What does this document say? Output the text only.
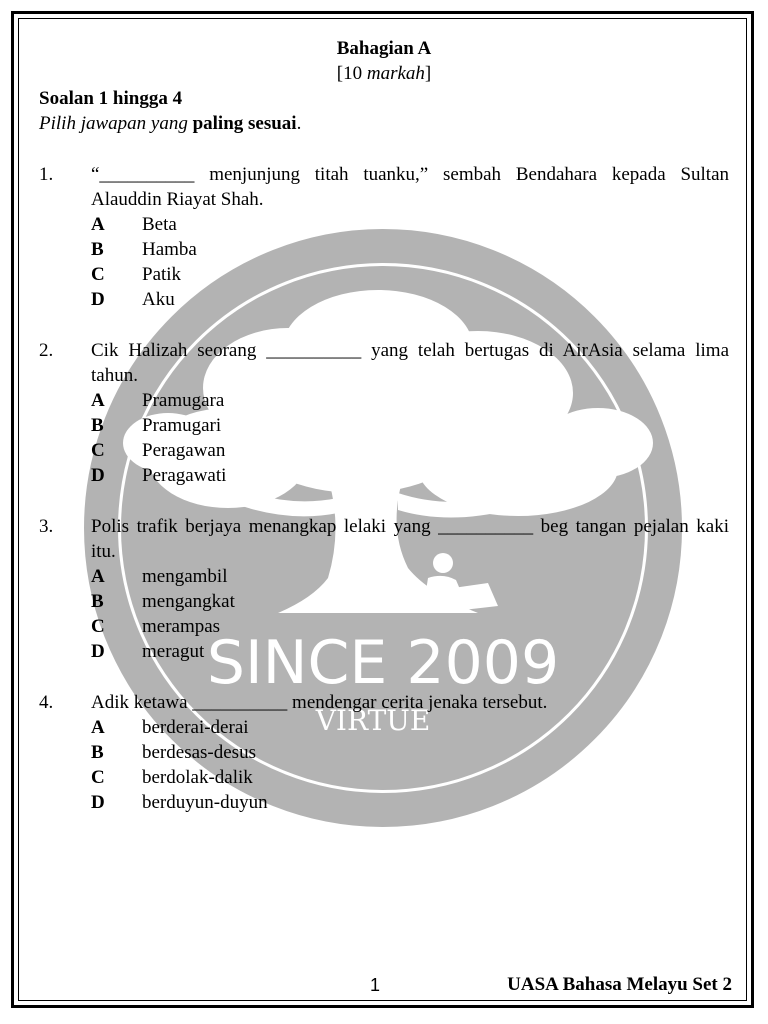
SINCE 2009
VIRTUE
Bahagian A
[10 markah]
Soalan 1 hingga 4
Pilih jawapan yang paling sesuai.
1.	“__________ menjunjung titah tuanku,” sembah Bendahara kepada Sultan Alauddin Riayat Shah.
A	Beta
B	Hamba
C	Patik
D	Aku
2.	Cik Halizah seorang __________ yang telah bertugas di AirAsia selama lima tahun.
A	Pramugara
B	Pramugari
C	Peragawan
D	Peragawati
3.	Polis trafik berjaya menangkap lelaki yang __________ beg tangan pejalan kaki itu.
A	mengambil
B	mengangkat
C	merampas
D	meragut
4.	Adik ketawa __________ mendengar cerita jenaka tersebut.
A	berderai-derai
B	berdesas-desus
C	berdolak-dalik
D	berduyun-duyun
1	UASA Bahasa Melayu Set 2
